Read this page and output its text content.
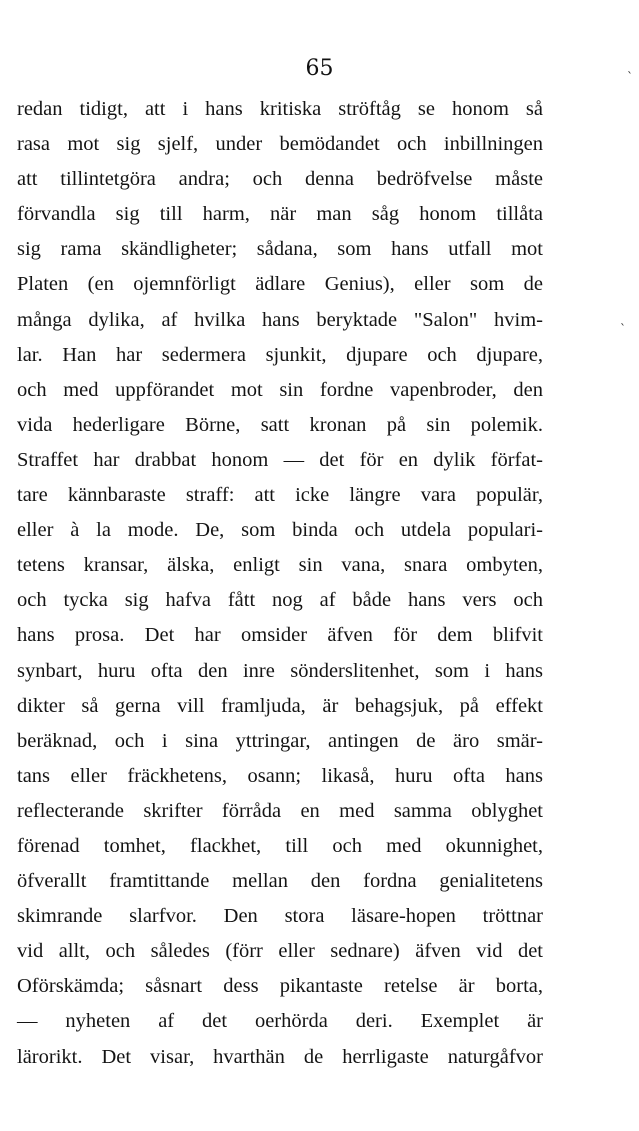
65	`
`
redan tidigt, att i hans kritiska ströftåg se honom så
rasa mot sig sjelf, under bemödandet och inbillningen
att tillintetgöra andra; och denna bedröfvelse måste
förvandla sig till harm, när man såg honom tillåta
sig rama skändligheter; sådana, som hans utfall mot
Platen (en ojemnförligt ädlare Genius), eller som de
många dylika, af hvilka hans beryktade "Salon" hvim-
lar. Han har sedermera sjunkit, djupare och djupare,
och med uppförandet mot sin fordne vapenbroder, den
vida hederligare Börne, satt kronan på sin polemik.
Straffet har drabbat honom — det för en dylik förfat-
tare kännbaraste straff: att icke längre vara populär,
eller à la mode. De, som binda och utdela populari-
tetens kransar, älska, enligt sin vana, snara ombyten,
och tycka sig hafva fått nog af både hans vers och
hans prosa. Det har omsider äfven för dem blifvit
synbart, huru ofta den inre sönderslitenhet, som i hans
dikter så gerna vill framljuda, är behagsjuk, på effekt
beräknad, och i sina yttringar, antingen de äro smär-
tans eller fräckhetens, osann; likaså, huru ofta hans
reflecterande skrifter förråda en med samma oblyghet
förenad tomhet, flackhet, till och med okunnighet,
öfverallt framtittande mellan den fordna genialitetens
skimrande slarfvor. Den stora läsare-hopen tröttnar
vid allt, och således (förr eller sednare) äfven vid det
Oförskämda; såsnart dess pikantaste retelse är borta,
— nyheten af det oerhörda deri. Exemplet är
lärorikt. Det visar, hvarthän de herrligaste naturgåfvor
